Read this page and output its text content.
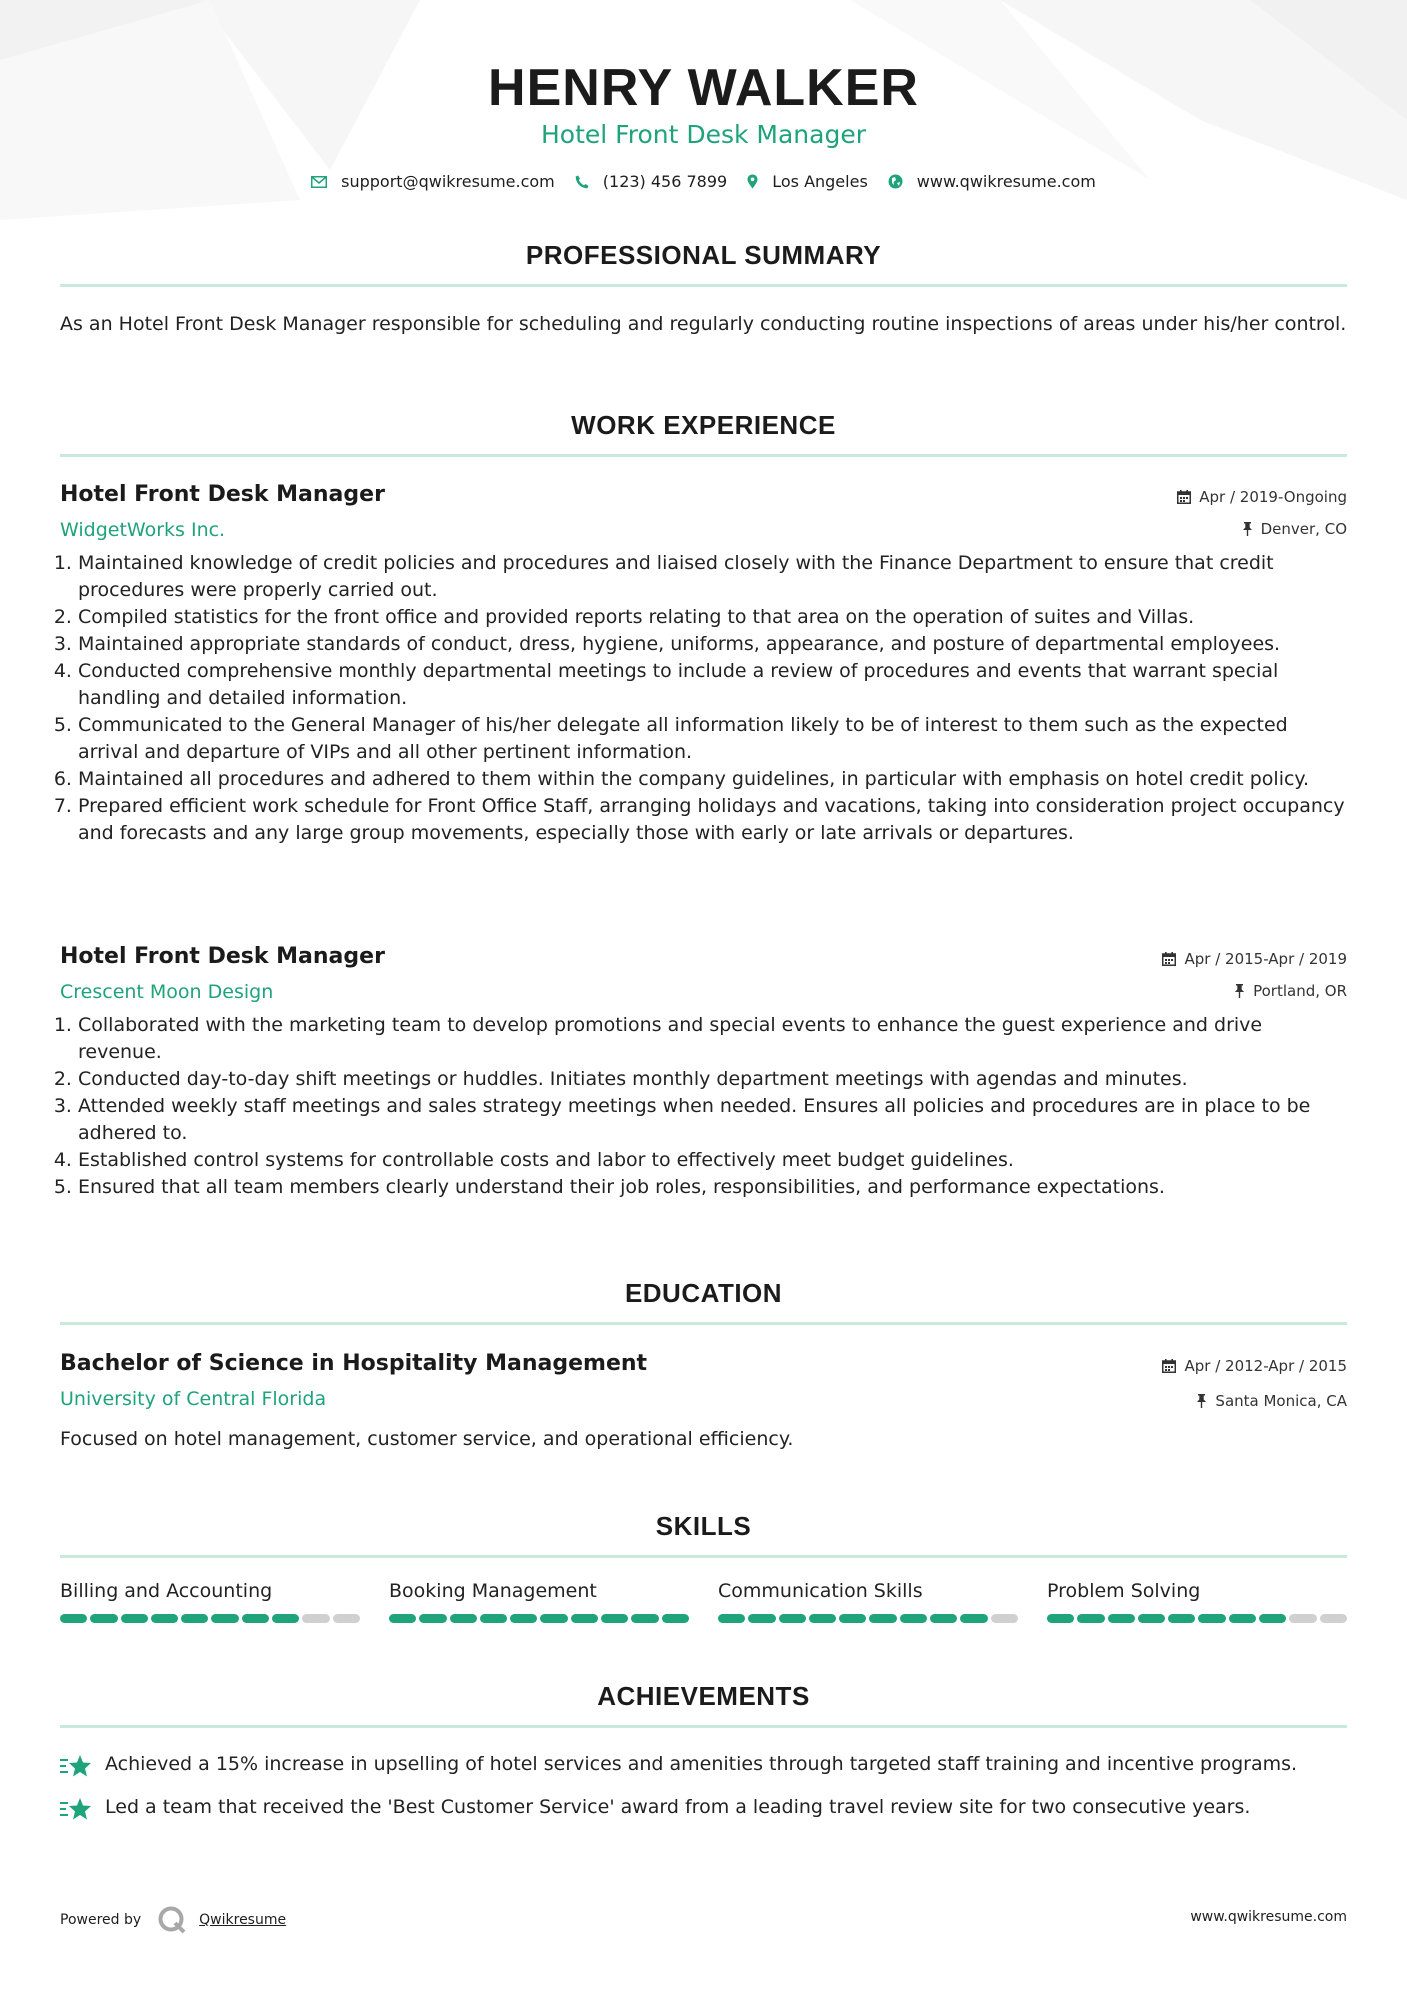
HENRY WALKER
Hotel Front Desk Manager
support@qwikresume.com	(123) 456 7899	Los Angeles	www.qwikresume.com
PROFESSIONAL SUMMARY
As an Hotel Front Desk Manager responsible for scheduling and regularly conducting routine inspections of areas under his/her control.
WORK EXPERIENCE
Hotel Front Desk Manager
WidgetWorks Inc.
Apr / 2019-Ongoing
Denver, CO
1. Maintained knowledge of credit policies and procedures and liaised closely with the Finance Department to ensure that credit procedures were properly carried out.
2. Compiled statistics for the front office and provided reports relating to that area on the operation of suites and Villas.
3. Maintained appropriate standards of conduct, dress, hygiene, uniforms, appearance, and posture of departmental employees.
4. Conducted comprehensive monthly departmental meetings to include a review of procedures and events that warrant special handling and detailed information.
5. Communicated to the General Manager of his/her delegate all information likely to be of interest to them such as the expected arrival and departure of VIPs and all other pertinent information.
6. Maintained all procedures and adhered to them within the company guidelines, in particular with emphasis on hotel credit policy.
7. Prepared efficient work schedule for Front Office Staff, arranging holidays and vacations, taking into consideration project occupancy and forecasts and any large group movements, especially those with early or late arrivals or departures.
Hotel Front Desk Manager
Crescent Moon Design
Apr / 2015-Apr / 2019
Portland, OR
1. Collaborated with the marketing team to develop promotions and special events to enhance the guest experience and drive revenue.
2. Conducted day-to-day shift meetings or huddles. Initiates monthly department meetings with agendas and minutes.
3. Attended weekly staff meetings and sales strategy meetings when needed. Ensures all policies and procedures are in place to be adhered to.
4. Established control systems for controllable costs and labor to effectively meet budget guidelines.
5. Ensured that all team members clearly understand their job roles, responsibilities, and performance expectations.
EDUCATION
Bachelor of Science in Hospitality Management
University of Central Florida
Apr / 2012-Apr / 2015
Santa Monica, CA
Focused on hotel management, customer service, and operational efficiency.
SKILLS
Billing and Accounting	Booking Management	Communication Skills	Problem Solving
ACHIEVEMENTS
Achieved a 15% increase in upselling of hotel services and amenities through targeted staff training and incentive programs.
Led a team that received the 'Best Customer Service' award from a leading travel review site for two consecutive years.
Powered by	Qwikresume	www.qwikresume.com
